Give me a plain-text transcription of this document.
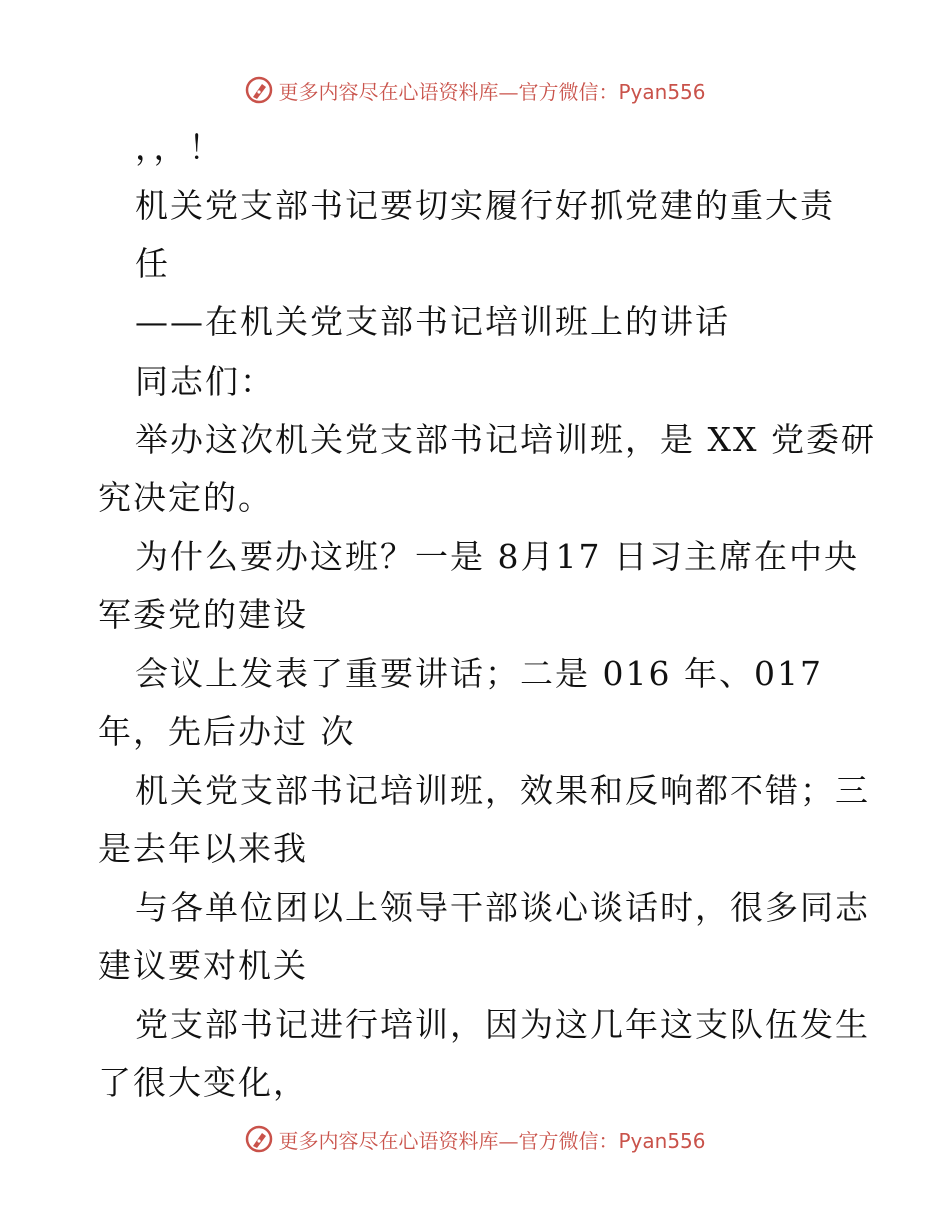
更多内容尽在心语资料库—官方微信：Pyan556
，，！
机关党支部书记要切实履行好抓党建的重大责
任
——在机关党支部书记培训班上的讲话
同志们：
举办这次机关党支部书记培训班，是 XX 党委研
究决定的。
为什么要办这班？一是 8月17 日习主席在中央
军委党的建设
会议上发表了重要讲话；二是 016 年、017
年，先后办过 次
机关党支部书记培训班，效果和反响都不错；三
是去年以来我
与各单位团以上领导干部谈心谈话时，很多同志
建议要对机关
党支部书记进行培训，因为这几年这支队伍发生
了很大变化，
更多内容尽在心语资料库—官方微信：Pyan556
